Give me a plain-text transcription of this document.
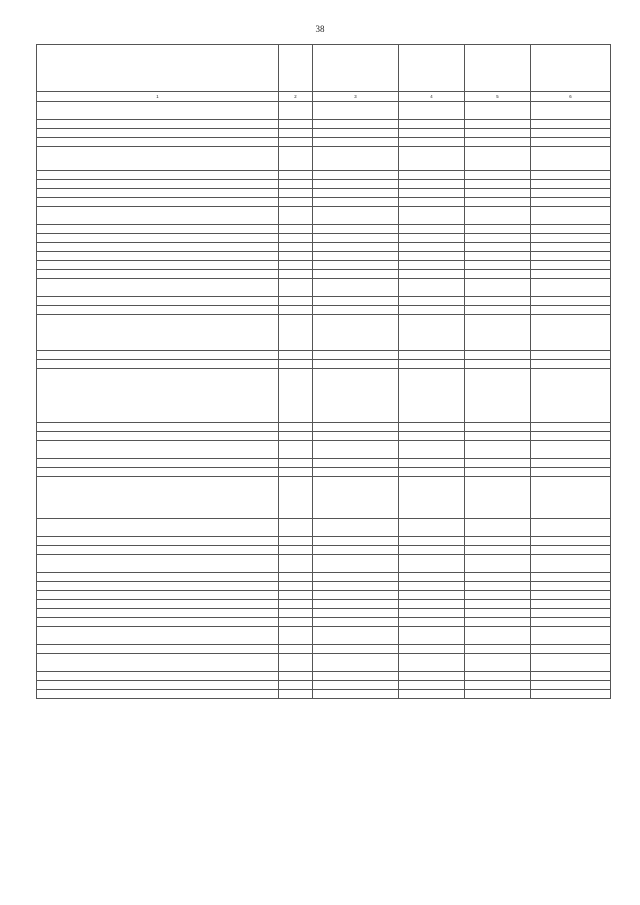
38

1	2	3	4	5	6
